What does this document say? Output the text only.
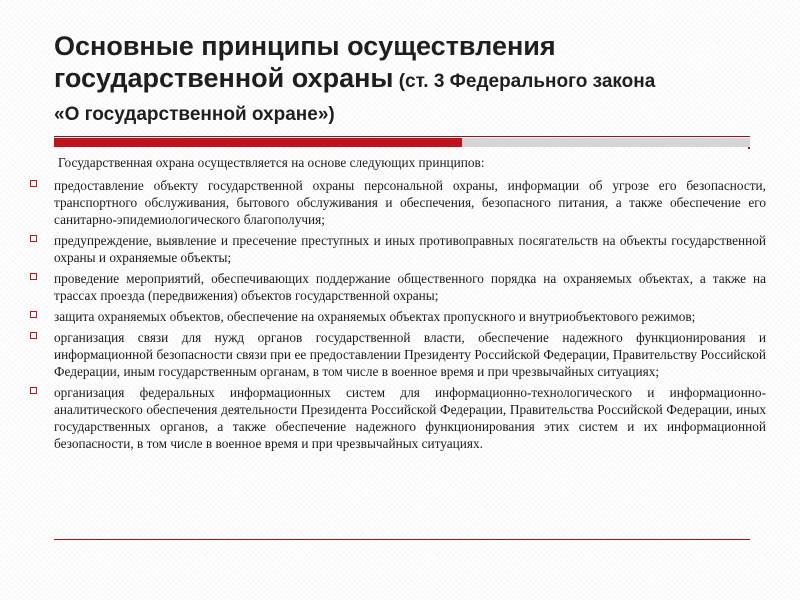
Основные принципы осуществления
государственной охраны (ст. 3 Федерального закона
«О государственной охране»)

Государственная охрана осуществляется на основе следующих принципов:

предоставление объекту государственной охраны персональной охраны, информации об угрозе его безопасности, транспортного обслуживания, бытового обслуживания и обеспечения, безопасного питания, а также обеспечение его санитарно-эпидемиологического благополучия;
предупреждение, выявление и пресечение преступных и иных противоправных посягательств на объекты государственной охраны и охраняемые объекты;
проведение мероприятий, обеспечивающих поддержание общественного порядка на охраняемых объектах, а также на трассах проезда (передвижения) объектов государственной охраны;
защита охраняемых объектов, обеспечение на охраняемых объектах пропускного и внутриобъектового режимов;
организация связи для нужд органов государственной власти, обеспечение надежного функционирования и информационной безопасности связи при ее предоставлении Президенту Российской Федерации, Правительству Российской Федерации, иным государственным органам, в том числе в военное время и при чрезвычайных ситуациях;
организация федеральных информационных систем для информационно-технологического и информационно-аналитического обеспечения деятельности Президента Российской Федерации, Правительства Российской Федерации, иных государственных органов, а также обеспечение надежного функционирования этих систем и их информационной безопасности, в том числе в военное время и при чрезвычайных ситуациях.
